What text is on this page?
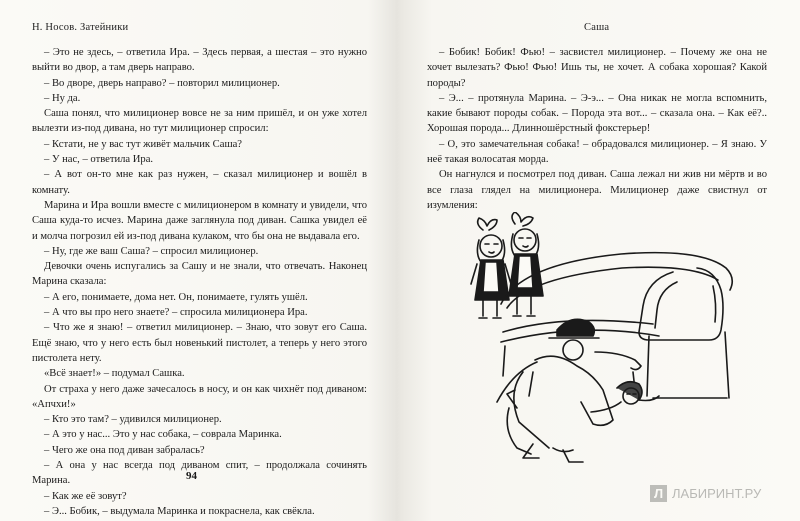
Н. Носов. Затейники

– Это не здесь, – ответила Ира. – Здесь первая, а шестая – это нужно выйти во двор, а там дверь направо.

– Во дворе, дверь направо? – повторил милиционер.

– Ну да.

Саша понял, что милиционер вовсе не за ним пришёл, и он уже хотел вылезти из-под дивана, но тут милиционер спросил:

– Кстати, не у вас тут живёт мальчик Саша?

– У нас, – ответила Ира.

– А вот он-то мне как раз нужен, – сказал милиционер и вошёл в комнату.

Марина и Ира вошли вместе с милиционером в комнату и увидели, что Саша куда-то исчез. Марина даже заглянула под диван. Сашка увидел её и молча погрозил ей из-под дивана кулаком, что бы она не выдавала его.

– Ну, где же ваш Саша? – спросил милиционер.

Девочки очень испугались за Сашу и не знали, что отвечать. Наконец Марина сказала:

– А его, понимаете, дома нет. Он, понимаете, гулять ушёл.

– А что вы про него знаете? – спросила милиционера Ира.

– Что же я знаю! – ответил милиционер. – Знаю, что зовут его Саша. Ещё знаю, что у него есть был новенький пистолет, а теперь у него этого пистолета нету.

«Всё знает!» – подумал Сашка.

От страха у него даже зачесалось в носу, и он как чихнёт под диваном: «Апчхи!»

– Кто это там? – удивился милиционер.

– А это у нас... Это у нас собака, – соврала Маринка.

– Чего же она под диван забралась?

– А она у нас всегда под диваном спит, – продолжала сочинять Марина.

– Как же её зовут?

– Э... Бобик, – выдумала Маринка и покраснела, как свёкла.

94
Саша

– Бобик! Бобик! Фью! – засвистел милиционер. – Почему же она не хочет вылезать? Фью! Фью! Ишь ты, не хочет. А собака хорошая? Какой породы?

– Э... – протянула Марина. – Э-э... – Она никак не могла вспомнить, какие бывают породы собак. – Порода эта вот... – сказала она. – Как её?.. Хорошая порода... Длинношёрстный фокстерьер!

– О, это замечательная собака! – обрадовался милиционер. – Я знаю. У неё такая волосатая морда.

Он нагнулся и посмотрел под диван. Саша лежал ни жив ни мёртв и во все глаза глядел на милиционера. Милиционер даже свистнул от изумления:

Л ЛАБИРИНТ.РУ
